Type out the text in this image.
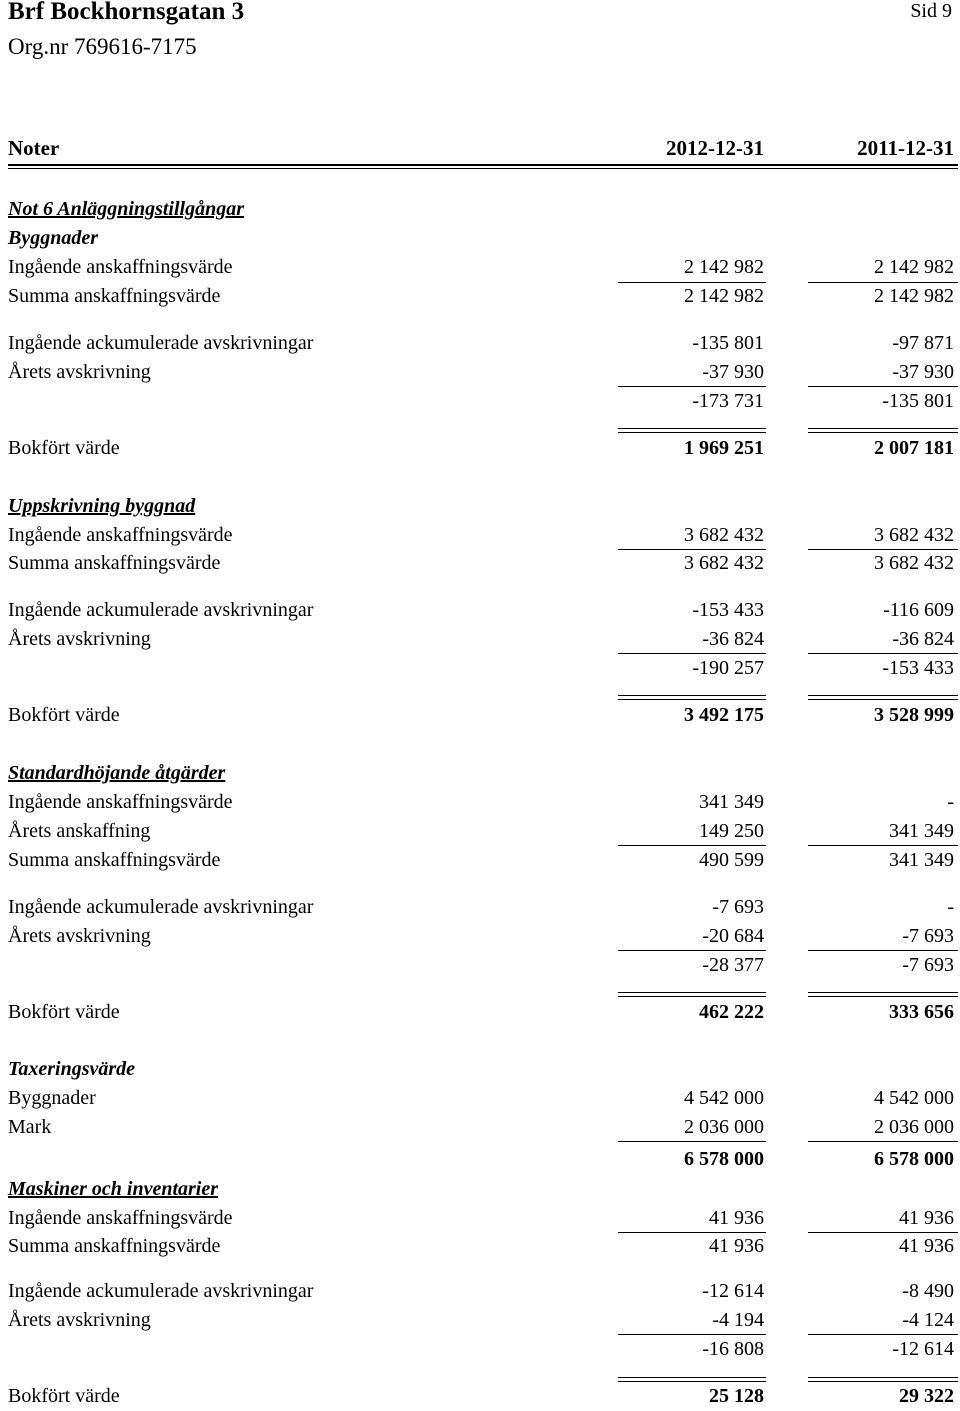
Brf Bockhornsgatan 3
Org.nr 769616-7175
Sid 9
Noter	2012-12-31	2011-12-31
Not 6 Anläggningstillgångar
Byggnader
Ingående anskaffningsvärde	2 142 982	2 142 982
Summa anskaffningsvärde	2 142 982	2 142 982
Ingående ackumulerade avskrivningar	-135 801	-97 871
Årets avskrivning	-37 930	-37 930
-173 731	-135 801
Bokfört värde	1 969 251	2 007 181
Uppskrivning byggnad
Ingående anskaffningsvärde	3 682 432	3 682 432
Summa anskaffningsvärde	3 682 432	3 682 432
Ingående ackumulerade avskrivningar	-153 433	-116 609
Årets avskrivning	-36 824	-36 824
-190 257	-153 433
Bokfört värde	3 492 175	3 528 999
Standardhöjande åtgärder
Ingående anskaffningsvärde	341 349	-
Årets anskaffning	149 250	341 349
Summa anskaffningsvärde	490 599	341 349
Ingående ackumulerade avskrivningar	-7 693	-
Årets avskrivning	-20 684	-7 693
-28 377	-7 693
Bokfört värde	462 222	333 656
Taxeringsvärde
Byggnader	4 542 000	4 542 000
Mark	2 036 000	2 036 000
6 578 000	6 578 000
Maskiner och inventarier
Ingående anskaffningsvärde	41 936	41 936
Summa anskaffningsvärde	41 936	41 936
Ingående ackumulerade avskrivningar	-12 614	-8 490
Årets avskrivning	-4 194	-4 124
-16 808	-12 614
Bokfört värde	25 128	29 322
